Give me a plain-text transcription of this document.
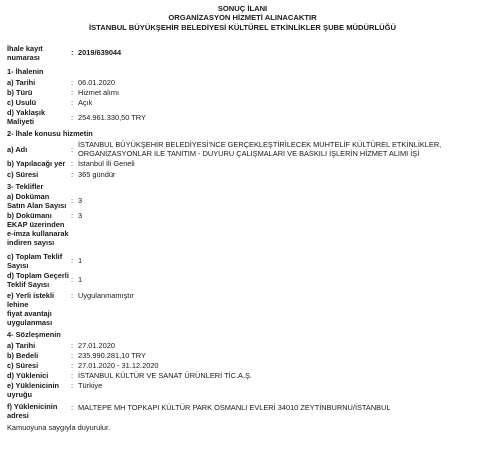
SONUÇ İLANI
ORGANİZASYON HİZMETİ ALINACAKTIR
İSTANBUL BÜYÜKŞEHİR BELEDİYESİ KÜLTÜREL ETKİNLİKLER ŞUBE MÜDÜRLÜĞÜ
İhale kayıt
numarası
: 2019/639044
1- İhalenin
a) Tarihi	: 06.01.2020
b) Türü	: Hizmet alımı
c) Usulü	: Açık
d) Yaklaşık
Maliyeti	: 254.961.330,50 TRY
2- İhale konusu hizmetin
a) Adı	:
İSTANBUL BÜYÜKŞEHİR BELEDİYESİ'NCE GERÇEKLEŞTİRİLECEK MUHTELİF KÜLTÜREL ETKİNLİKLER,
ORGANİZASYONLAR İLE TANITIM - DUYURU ÇALIŞMALARI VE BASKILI İŞLERİN HİZMET ALIMI İŞİ
b) Yapılacağı yer : İstanbul İli Geneli
c) Süresi	: 365 gündür
3- Teklifler
a) Doküman
Satın Alan Sayısı
: 3
b) Dokümanı
EKAP üzerinden
e-imza kullanarak
indiren sayısı
: 3
c) Toplam Teklif
Sayısı
: 1
d) Toplam Geçerli
Teklif Sayısı
: 1
e) Yerli istekli
lehine
fiyat avantajı
uygulanması
: Uygulanmamıştır
4- Sözleşmenin
a) Tarihi	: 27.01.2020
b) Bedeli	: 235.990.281,10 TRY
c) Süresi	: 27.01.2020 - 31.12.2020
d) Yüklenici	: İSTANBUL KÜLTÜR VE SANAT ÜRÜNLERİ TİC.A.Ş.
e) Yüklenicinin
uyruğu
: Türkiye
f) Yüklenicinin
adresi
: MALTEPE MH TOPKAPI KÜLTÜR PARK OSMANLI EVLERİ 34010 ZEYTİNBURNU/İSTANBUL
Kamuoyuna saygıyla duyurulur.
